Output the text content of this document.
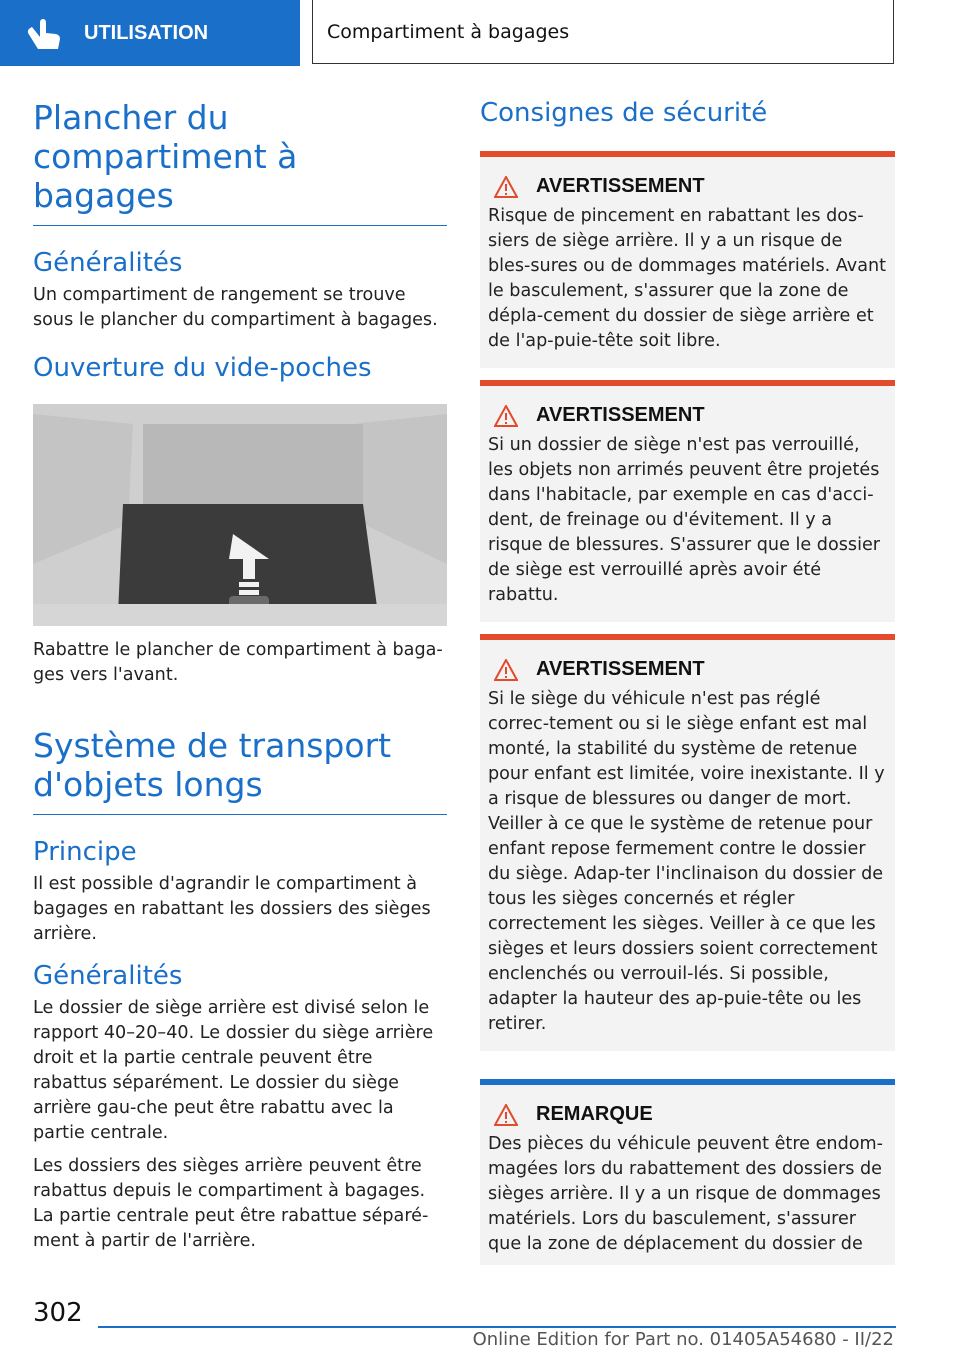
UTILISATION	Compartiment à bagages
Plancher du compartiment à bagages
Généralités

Un compartiment de rangement se trouve sous le plancher du compartiment à bagages.

Ouverture du vide-poches

Rabattre le plancher de compartiment à baga‐ges vers l'avant.

Système de transport d'objets longs
Principe

Il est possible d'agrandir le compartiment à bagages en rabattant les dossiers des sièges arrière.

Généralités

Le dossier de siège arrière est divisé selon le rapport 40–20–40. Le dossier du siège arrière droit et la partie centrale peuvent être rabattus séparément. Le dossier du siège arrière gau‐che peut être rabattu avec la partie centrale.

Les dossiers des sièges arrière peuvent être rabattus depuis le compartiment à bagages. La partie centrale peut être rabattue séparé‐ment à partir de l'arrière.

Consignes de sécurité
AVERTISSEMENT

Risque de pincement en rabattant les dos‐siers de siège arrière. Il y a un risque de bles‐sures ou de dommages matériels. Avant le basculement, s'assurer que la zone de dépla‐cement du dossier de siège arrière et de l'ap‐puie-tête soit libre.

AVERTISSEMENT

Si un dossier de siège n'est pas verrouillé, les objets non arrimés peuvent être projetés dans l'habitacle, par exemple en cas d'acci‐dent, de freinage ou d'évitement. Il y a risque de blessures. S'assurer que le dossier de siège est verrouillé après avoir été rabattu.

AVERTISSEMENT

Si le siège du véhicule n'est pas réglé correc‐tement ou si le siège enfant est mal monté, la stabilité du système de retenue pour enfant est limitée, voire inexistante. Il y a risque de blessures ou danger de mort. Veiller à ce que le système de retenue pour enfant repose fermement contre le dossier du siège. Adap‐ter l'inclinaison du dossier de tous les sièges concernés et régler correctement les sièges. Veiller à ce que les sièges et leurs dossiers soient correctement enclenchés ou verrouil‐lés. Si possible, adapter la hauteur des ap‐puie-tête ou les retirer.

REMARQUE

Des pièces du véhicule peuvent être endom‐magées lors du rabattement des dossiers de sièges arrière. Il y a un risque de dommages matériels. Lors du basculement, s'assurer que la zone de déplacement du dossier de

302
Online Edition for Part no. 01405A54680 - II/22
